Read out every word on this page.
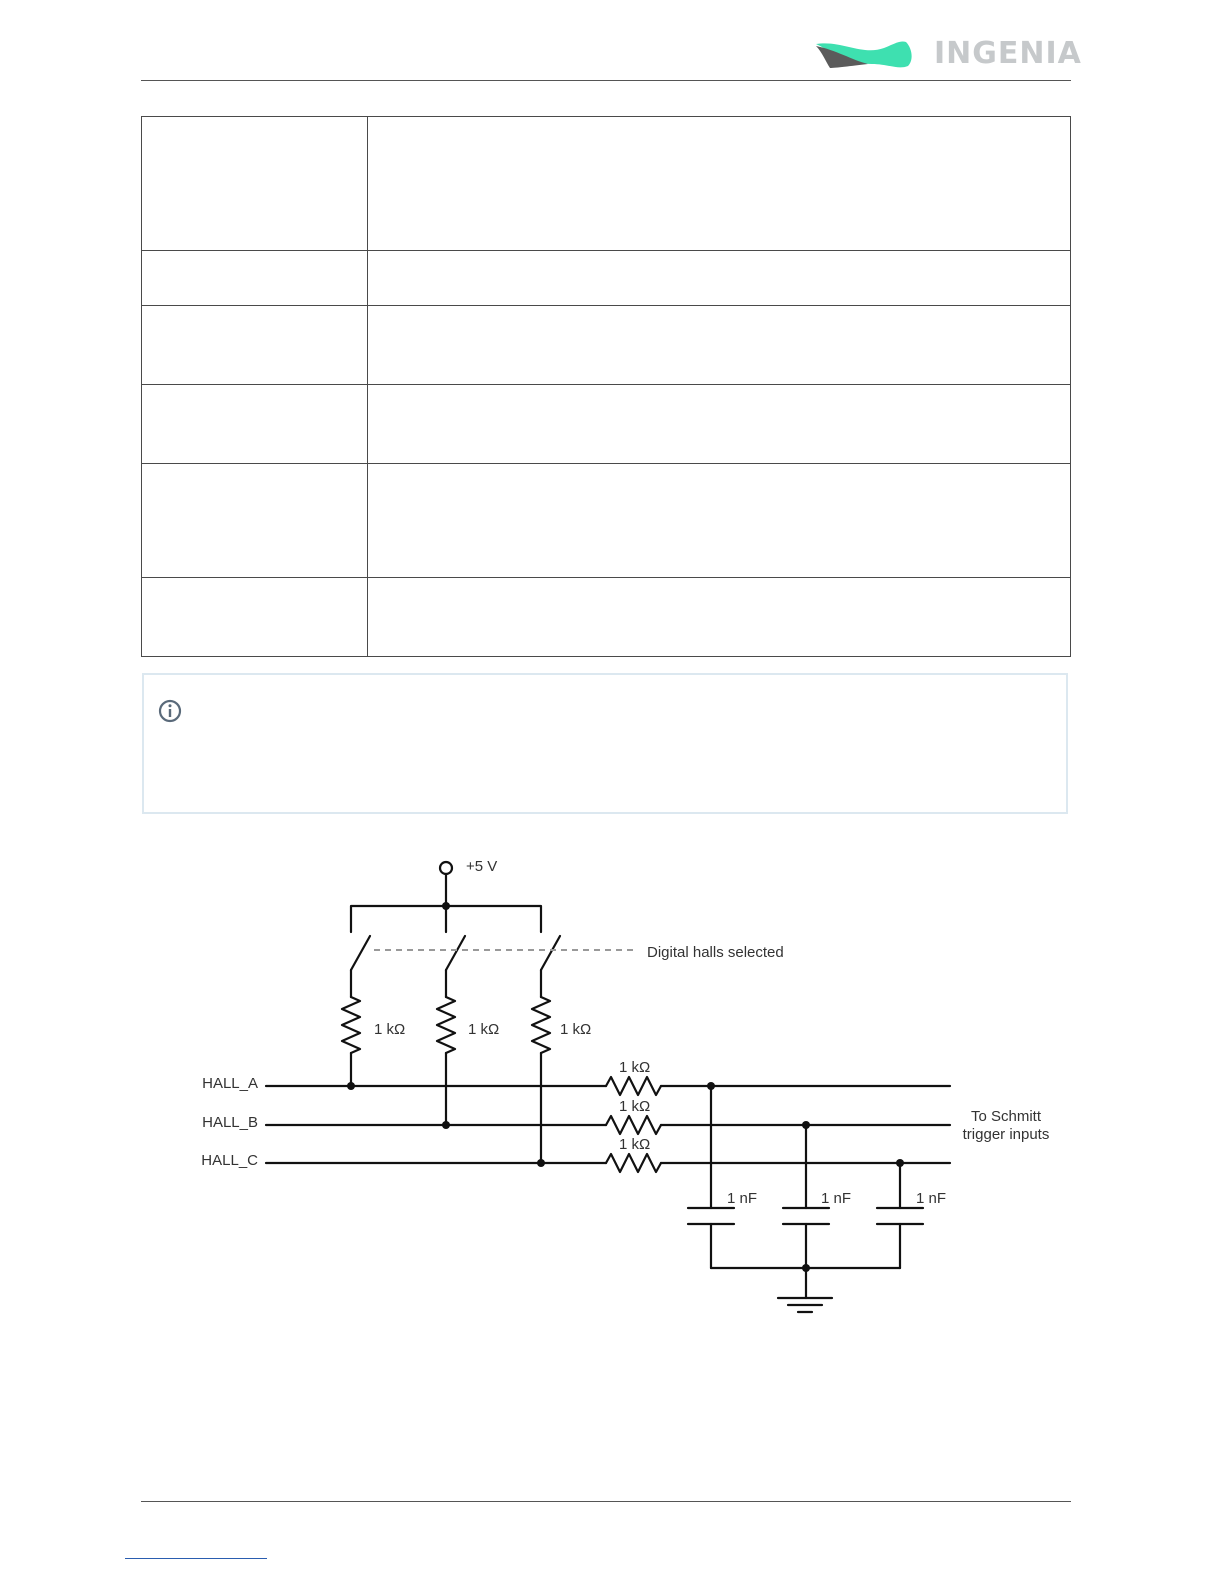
INGENIA

+5 V
Digital halls selected
1 kΩ	1 kΩ	1 kΩ
1 kΩ
1 kΩ
1 kΩ
HALL_A
HALL_B
HALL_C
1 nF	1 nF	1 nF
To Schmitt
trigger inputs
